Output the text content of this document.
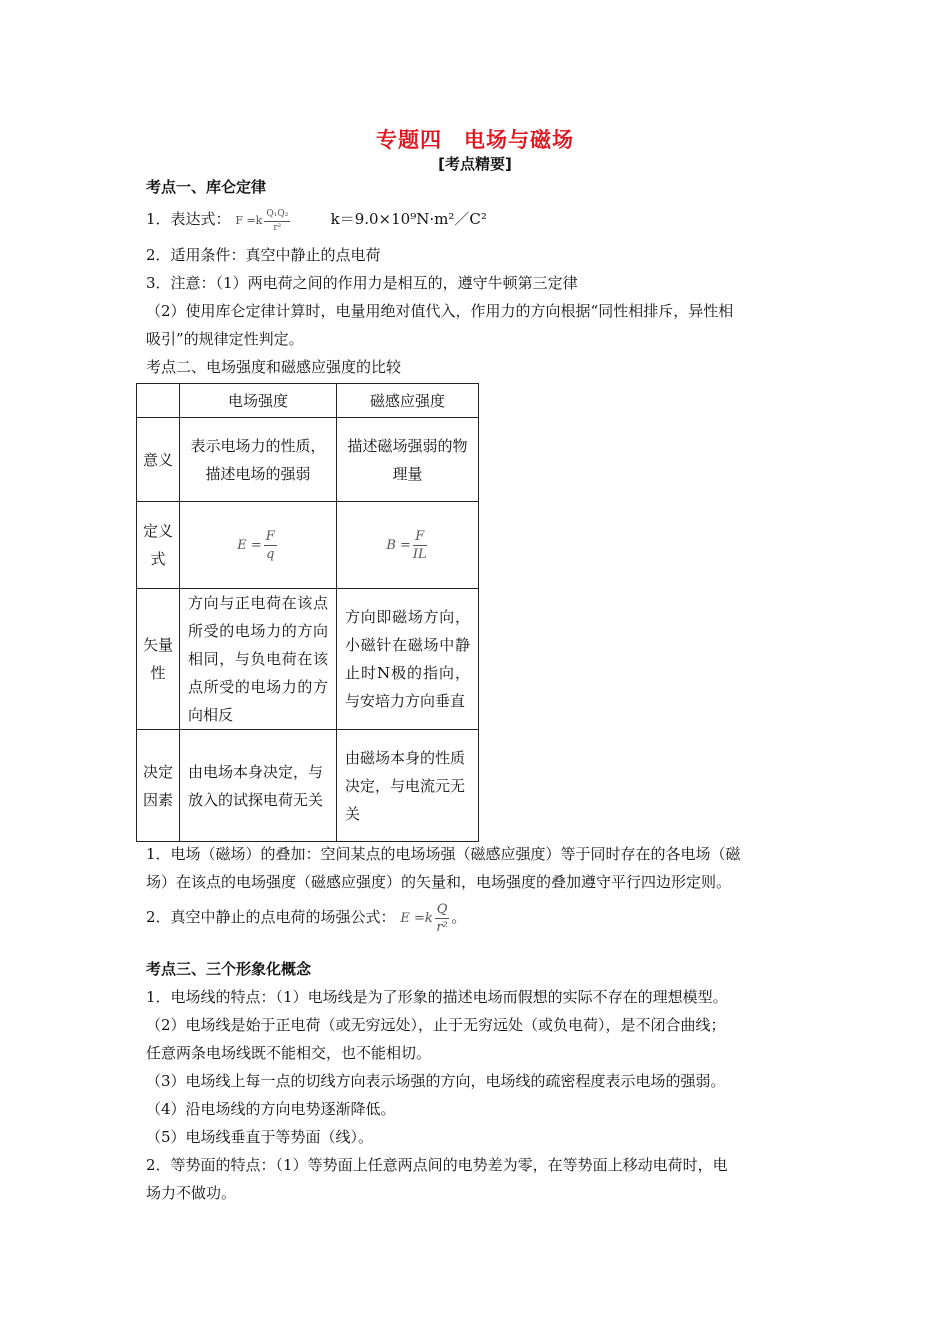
专题四　电场与磁场
[考点精要]
考点一、库仑定律
1．表达式： $F =k \frac{\text{Q₁Q₂}}{\text{r²}}$	k＝9.0×10⁹N·m²／C²
2．适用条件：真空中静止的点电荷
3．注意：（1）两电荷之间的作用力是相互的，遵守牛顿第三定律
（2）使用库仑定律计算时，电量用绝对值代入，作用力的方向根据“同性相排斥，异性相
吸引”的规律定性判定。
考点二、电场强度和磁感应强度的比较
	电场强度	磁感应强度
意义	表示电场力的性质，描述电场的强弱	描述磁场强弱的物理量
定义式	$E = \frac{F}{q}$	$B = \frac{F}{IL}$

矢量性	方向与正电荷在该点所受的电场力的方向相同，与负电荷在该点所受的电场力的方向相反	方向即磁场方向，小磁针在磁场中静止时N极的指向，与安培力方向垂直
决定因素	由电场本身决定，与放入的试探电荷无关	由磁场本身的性质决定，与电流元无关
1．电场（磁场）的叠加：空间某点的电场场强（磁感应强度）等于同时存在的各电场（磁
场）在该点的电场强度（磁感应强度）的矢量和，电场强度的叠加遵守平行四边形定则。
2．真空中静止的点电荷的场强公式： $E =k \frac{Q}{\text{r²}}$ 。
考点三、三个形象化概念
1．电场线的特点：（1）电场线是为了形象的描述电场而假想的实际不存在的理想模型。
（2）电场线是始于正电荷（或无穷远处），止于无穷远处（或负电荷），是不闭合曲线；
任意两条电场线既不能相交，也不能相切。
（3）电场线上每一点的切线方向表示场强的方向，电场线的疏密程度表示电场的强弱。
（4）沿电场线的方向电势逐渐降低。
（5）电场线垂直于等势面（线）。
2．等势面的特点：（1）等势面上任意两点间的电势差为零，在等势面上移动电荷时，电
场力不做功。
